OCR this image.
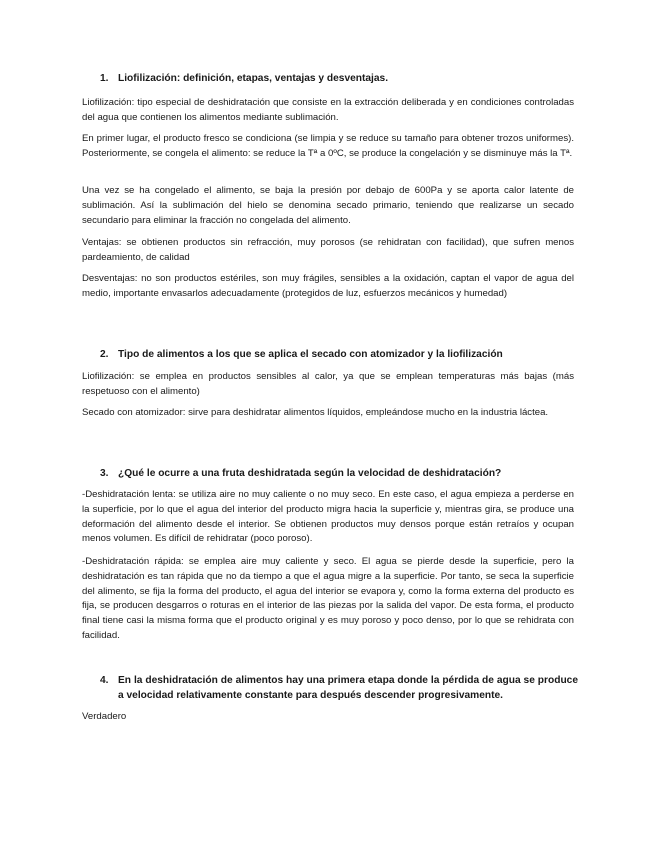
1. Liofilización: definición, etapas, ventajas y desventajas.
Liofilización: tipo especial de deshidratación que consiste en la extracción deliberada y en condiciones controladas del agua que contienen los alimentos mediante sublimación.
En primer lugar, el producto fresco se condiciona (se limpia y se reduce su tamaño para obtener trozos uniformes). Posteriormente, se congela el alimento: se reduce la Tª a 0ºC, se produce la congelación y se disminuye más la Tª.
Una vez se ha congelado el alimento, se baja la presión por debajo de 600Pa y se aporta calor latente de sublimación. Así la sublimación del hielo se denomina secado primario, teniendo que realizarse un secado secundario para eliminar la fracción no congelada del alimento.
Ventajas: se obtienen productos sin refracción, muy porosos (se rehidratan con facilidad), que sufren menos pardeamiento, de calidad
Desventajas: no son productos estériles, son muy frágiles, sensibles a la oxidación, captan el vapor de agua del medio, importante envasarlos adecuadamente (protegidos de luz, esfuerzos mecánicos y humedad)
2. Tipo de alimentos a los que se aplica el secado con atomizador y la liofilización
Liofilización: se emplea en productos sensibles al calor, ya que se emplean temperaturas más bajas (más respetuoso con el alimento)
Secado con atomizador: sirve para deshidratar alimentos líquidos, empleándose mucho en la industria láctea.
3. ¿Qué le ocurre a una fruta deshidratada según la velocidad de deshidratación?
-Deshidratación lenta: se utiliza aire no muy caliente o no muy seco. En este caso, el agua empieza a perderse en la superficie, por lo que el agua del interior del producto migra hacia la superficie y, mientras gira, se produce una deformación del alimento desde el interior. Se obtienen productos muy densos porque están retraíos y ocupan menos volumen. Es difícil de rehidratar (poco poroso).
-Deshidratación rápida: se emplea aire muy caliente y seco. El agua se pierde desde la superficie, pero la deshidratación es tan rápida que no da tiempo a que el agua migre a la superficie. Por tanto, se seca la superficie del alimento, se fija la forma del producto, el agua del interior se evapora y, como la forma externa del producto es fija, se producen desgarros o roturas en el interior de las piezas por la salida del vapor. De esta forma, el producto final tiene casi la misma forma que el producto original y es muy poroso y poco denso, por lo que se rehidrata con facilidad.
4. En la deshidratación de alimentos hay una primera etapa donde la pérdida de agua se produce a velocidad relativamente constante para después descender progresivamente.
Verdadero
